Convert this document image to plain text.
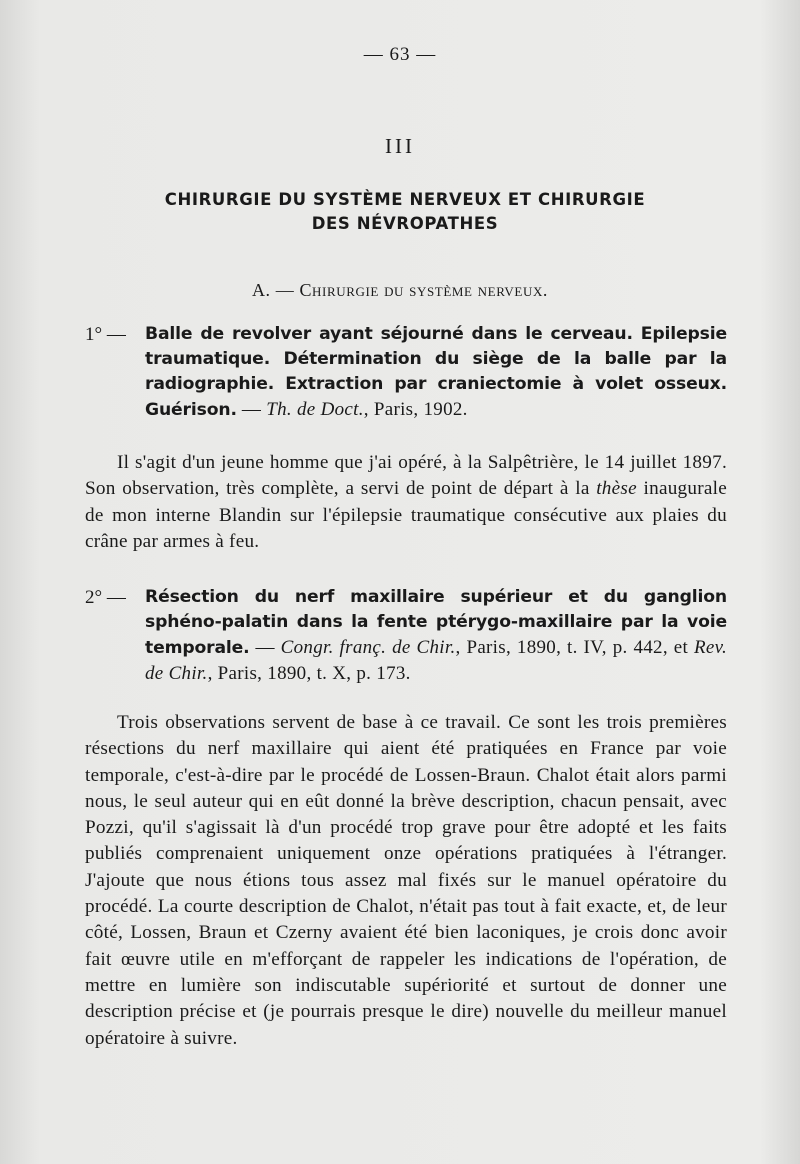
— 63 —
III
CHIRURGIE DU SYSTÈME NERVEUX ET CHIRURGIE
DES NÉVROPATHES
A. — Chirurgie du système nerveux.
1° — Balle de revolver ayant séjourné dans le cerveau. Epilepsie traumatique. Détermination du siège de la balle par la radiographie. Extraction par craniectomie à volet osseux. Guérison. — Th. de Doct., Paris, 1902.
Il s'agit d'un jeune homme que j'ai opéré, à la Salpêtrière, le 14 juillet 1897. Son observation, très complète, a servi de point de départ à la thèse inaugurale de mon interne Blandin sur l'épilepsie traumatique consécutive aux plaies du crâne par armes à feu.
2° — Résection du nerf maxillaire supérieur et du ganglion sphéno-palatin dans la fente ptérygo-maxillaire par la voie temporale. — Congr. franç. de Chir., Paris, 1890, t. IV, p. 442, et Rev. de Chir., Paris, 1890, t. X, p. 173.
Trois observations servent de base à ce travail. Ce sont les trois premières résections du nerf maxillaire qui aient été pratiquées en France par voie temporale, c'est-à-dire par le procédé de Lossen-Braun. Chalot était alors parmi nous, le seul auteur qui en eût donné la brève description, chacun pensait, avec Pozzi, qu'il s'agissait là d'un procédé trop grave pour être adopté et les faits publiés comprenaient uniquement onze opérations pratiquées à l'étranger. J'ajoute que nous étions tous assez mal fixés sur le manuel opératoire du procédé. La courte description de Chalot, n'était pas tout à fait exacte, et, de leur côté, Lossen, Braun et Czerny avaient été bien laconiques, je crois donc avoir fait œuvre utile en m'efforçant de rappeler les indications de l'opération, de mettre en lumière son indiscutable supériorité et surtout de donner une description précise et (je pourrais presque le dire) nouvelle du meilleur manuel opératoire à suivre.
